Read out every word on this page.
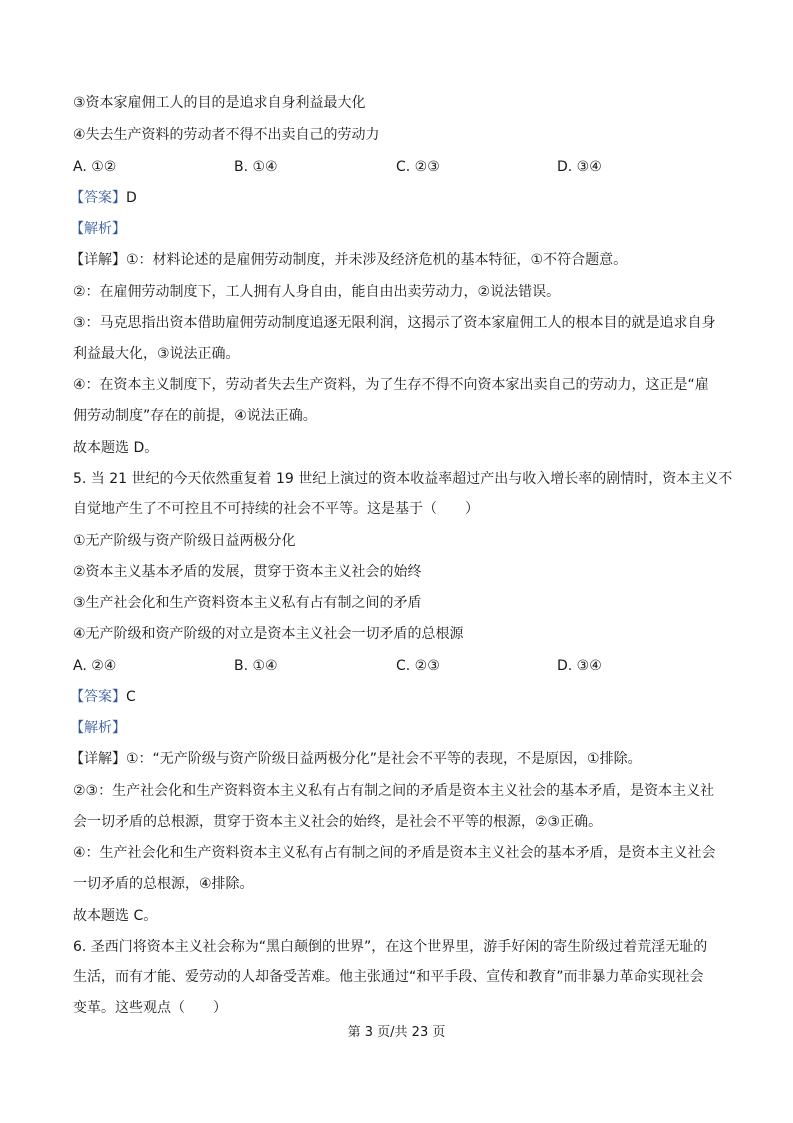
③资本家雇佣工人的目的是追求自身利益最大化
④失去生产资料的劳动者不得不出卖自己的劳动力
A. ①②	B. ①④	C. ②③	D. ③④
【答案】D
【解析】
【详解】①：材料论述的是雇佣劳动制度，并未涉及经济危机的基本特征，①不符合题意。
②：在雇佣劳动制度下，工人拥有人身自由，能自由出卖劳动力，②说法错误。
③：马克思指出资本借助雇佣劳动制度追逐无限利润，这揭示了资本家雇佣工人的根本目的就是追求自身
利益最大化，③说法正确。
④：在资本主义制度下，劳动者失去生产资料，为了生存不得不向资本家出卖自己的劳动力，这正是“雇
佣劳动制度”存在的前提，④说法正确。
故本题选 D。
5. 当 21 世纪的今天依然重复着 19 世纪上演过的资本收益率超过产出与收入增长率的剧情时，资本主义不
自觉地产生了不可控且不可持续的社会不平等。这是基于（　　）
①无产阶级与资产阶级日益两极分化
②资本主义基本矛盾的发展，贯穿于资本主义社会的始终
③生产社会化和生产资料资本主义私有占有制之间的矛盾
④无产阶级和资产阶级的对立是资本主义社会一切矛盾的总根源
A. ②④	B. ①④	C. ②③	D. ③④
【答案】C
【解析】
【详解】①：“无产阶级与资产阶级日益两极分化”是社会不平等的表现，不是原因，①排除。
②③：生产社会化和生产资料资本主义私有占有制之间的矛盾是资本主义社会的基本矛盾，是资本主义社
会一切矛盾的总根源，贯穿于资本主义社会的始终，是社会不平等的根源，②③正确。
④：生产社会化和生产资料资本主义私有占有制之间的矛盾是资本主义社会的基本矛盾，是资本主义社会
一切矛盾的总根源，④排除。
故本题选 C。
6. 圣西门将资本主义社会称为“黑白颠倒的世界”，在这个世界里，游手好闲的寄生阶级过着荒淫无耻的
生活，而有才能、爱劳动的人却备受苦难。他主张通过“和平手段、宣传和教育”而非暴力革命实现社会
变革。这些观点（　　）
第 3 页/共 23 页
